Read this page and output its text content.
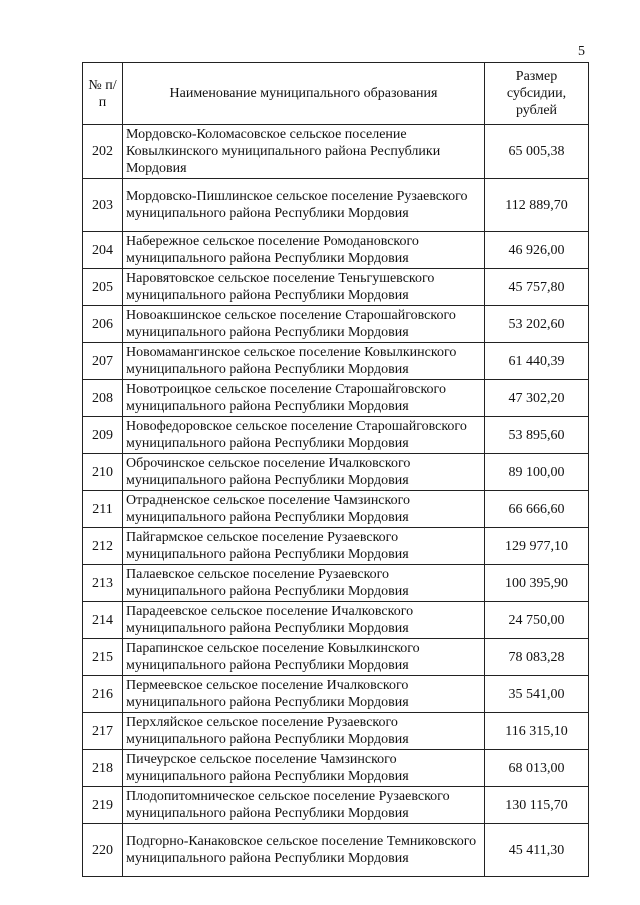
5
№ п/п	Наименование муниципального образования	Размер субсидии, рублей
202	Мордовско-Коломасовское сельское поселение Ковылкинского муниципального района Республики Мордовия	65 005,38
203	Мордовско-Пишлинское сельское поселение Рузаевского муниципального района Республики Мордовия	112 889,70
204	Набережное сельское поселение Ромодановского муниципального района Республики Мордовия	46 926,00
205	Наровятовское сельское поселение Теньгушевского муниципального района Республики Мордовия	45 757,80
206	Новоакшинское сельское поселение Старошайговского муниципального района Республики Мордовия	53 202,60
207	Новомамангинское сельское поселение Ковылкинского муниципального района Республики Мордовия	61 440,39
208	Новотроицкое сельское поселение Старошайговского муниципального района Республики Мордовия	47 302,20
209	Новофедоровское сельское поселение Старошайговского муниципального района Республики Мордовия	53 895,60
210	Оброчинское сельское поселение Ичалковского муниципального района Республики Мордовия	89 100,00
211	Отрадненское сельское поселение Чамзинского муниципального района Республики Мордовия	66 666,60
212	Пайгармское сельское поселение Рузаевского муниципального района Республики Мордовия	129 977,10
213	Палаевское сельское поселение Рузаевского муниципального района Республики Мордовия	100 395,90
214	Парадеевское сельское поселение Ичалковского муниципального района Республики Мордовия	24 750,00
215	Парапинское сельское поселение Ковылкинского муниципального района Республики Мордовия	78 083,28
216	Пермеевское сельское поселение Ичалковского муниципального района Республики Мордовия	35 541,00
217	Перхляйское сельское поселение Рузаевского муниципального района Республики Мордовия	116 315,10
218	Пичеурское сельское поселение Чамзинского муниципального района Республики Мордовия	68 013,00
219	Плодопитомническое сельское поселение Рузаевского муниципального района Республики Мордовия	130 115,70
220	Подгорно-Канаковское сельское поселение Темниковского муниципального района Республики Мордовия	45 411,30
